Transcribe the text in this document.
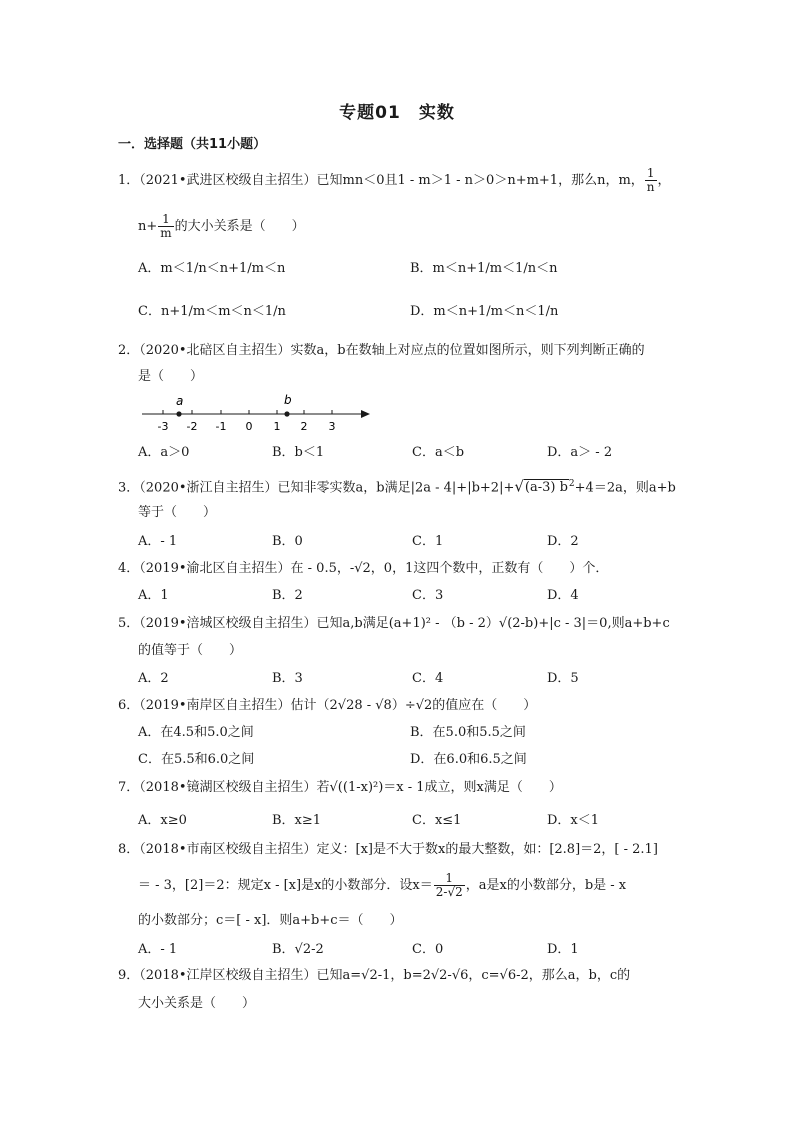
专题01　实数
一．选择题（共11小题）
1．（2021•武进区校级自主招生）已知mn＜0且1 - m＞1 - n＞0＞n+m+1，那么n，m， $\frac{1}{n}$ ，
$n+ \frac{1}{m}$ 的大小关系是（　　）
A．m＜1/n＜n+1/m＜n	B．m＜n+1/m＜1/n＜n
C．n+1/m＜m＜n＜1/n	D．m＜n+1/m＜n＜1/n
2．（2020•北碚区自主招生）实数a，b在数轴上对应点的位置如图所示，则下列判断正确的
是（　　）
a	b
-3 -2 -1 0 1 2 3
A．a＞0	B．b＜1	C．a＜b	D．a＞ - 2
3．（2020•浙江自主招生）已知非零实数a，b满足|2a - 4|+|b+2|+√(a-3) $b^2+4=2a$，则a+b
等于（　　）
A．- 1	B．0	C．1	D．2
4．（2019•渝北区自主招生）在 - 0.5，-√2，0，1这四个数中，正数有（　　）个．
A．1	B．2	C．3	D．4
5．（2019•涪城区校级自主招生）已知a,b满足(a+1)² - （b - 2）√(2-b)+|c - 3|＝0,则a+b+c
的值等于（　　）
A．2	B．3	C．4	D．5
6．（2019•南岸区自主招生）估计（2√28 - √8）÷√2的值应在（　　）
A．在4.5和5.0之间	B．在5.0和5.5之间
C．在5.5和6.0之间	D．在6.0和6.5之间
7．（2018•镜湖区校级自主招生）若√((1-x)²)＝x - 1成立，则x满足（　　）
A．x≥0	B．x≥1	C．x≤1	D．x＜1
8．（2018•市南区校级自主招生）定义：[x]是不大于数x的最大整数，如：[2.8]＝2，[ - 2.1]
＝ - 3，[2]＝2：规定x - [x]是x的小数部分．设$x= \frac{1}{2-√2}$ ，a是x的小数部分，b是 - x
的小数部分；c＝[ - x]．则a+b+c＝（　　）
A．- 1	B．√2-2	C．0	D．1
9．（2018•江岸区校级自主招生）已知a=√2-1，b=2√2-√6，c=√6-2，那么a，b，c的
大小关系是（　　）
